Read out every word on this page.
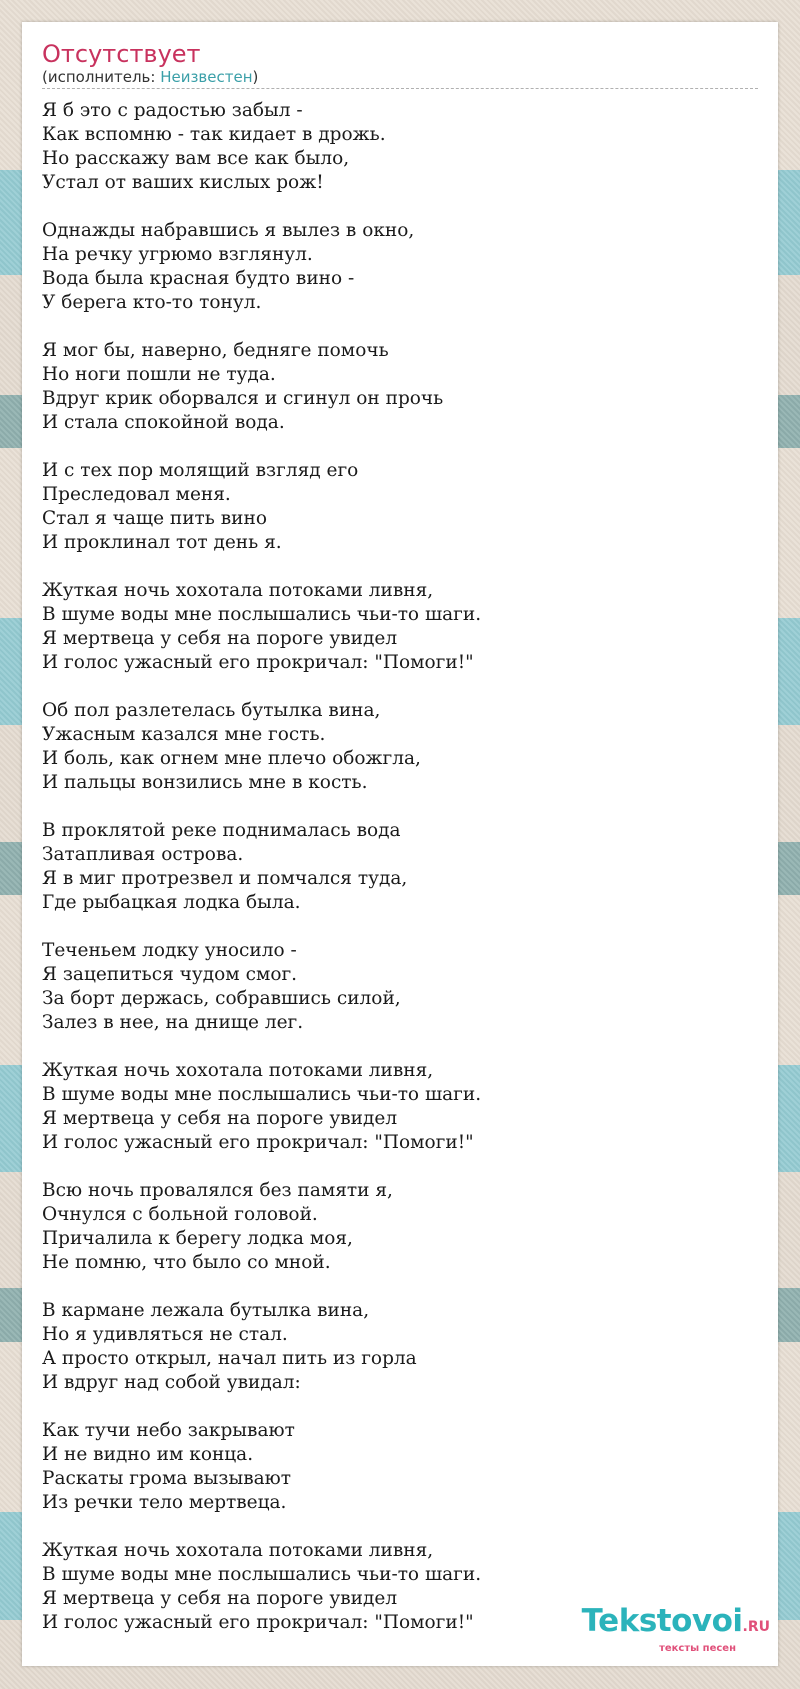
Отсутствует
(исполнитель: Неизвестен)
Я б это с радостью забыл -
Как вспомню - так кидает в дрожь.
Но расскажу вам все как было,
Устал от ваших кислых рож!
Однажды набравшись я вылез в окно,
На речку угрюмо взглянул.
Вода была красная будто вино -
У берега кто-то тонул.
Я мог бы, наверно, бедняге помочь
Но ноги пошли не туда.
Вдруг крик оборвался и сгинул он прочь
И стала спокойной вода.
И с тех пор молящий взгляд его
Преследовал меня.
Стал я чаще пить вино
И проклинал тот день я.
Жуткая ночь хохотала потоками ливня,
В шуме воды мне послышались чьи-то шаги.
Я мертвеца у себя на пороге увидел
И голос ужасный его прокричал: "Помоги!"
Об пол разлетелась бутылка вина,
Ужасным казался мне гость.
И боль, как огнем мне плечо обожгла,
И пальцы вонзились мне в кость.
В проклятой реке поднималась вода
Затапливая острова.
Я в миг протрезвел и помчался туда,
Где рыбацкая лодка была.
Теченьем лодку уносило -
Я зацепиться чудом смог.
За борт держась, собравшись силой,
Залез в нее, на днище лег.
Жуткая ночь хохотала потоками ливня,
В шуме воды мне послышались чьи-то шаги.
Я мертвеца у себя на пороге увидел
И голос ужасный его прокричал: "Помоги!"
Всю ночь провалялся без памяти я,
Очнулся с больной головой.
Причалила к берегу лодка моя,
Не помню, что было со мной.
В кармане лежала бутылка вина,
Но я удивляться не стал.
А просто открыл, начал пить из горла
И вдруг над собой увидал:
Как тучи небо закрывают
И не видно им конца.
Раскаты грома вызывают
Из речки тело мертвеца.
Жуткая ночь хохотала потоками ливня,
В шуме воды мне послышались чьи-то шаги.
Я мертвеца у себя на пороге увидел
И голос ужасный его прокричал: "Помоги!"	Tekstovoi.RU
тексты песен
